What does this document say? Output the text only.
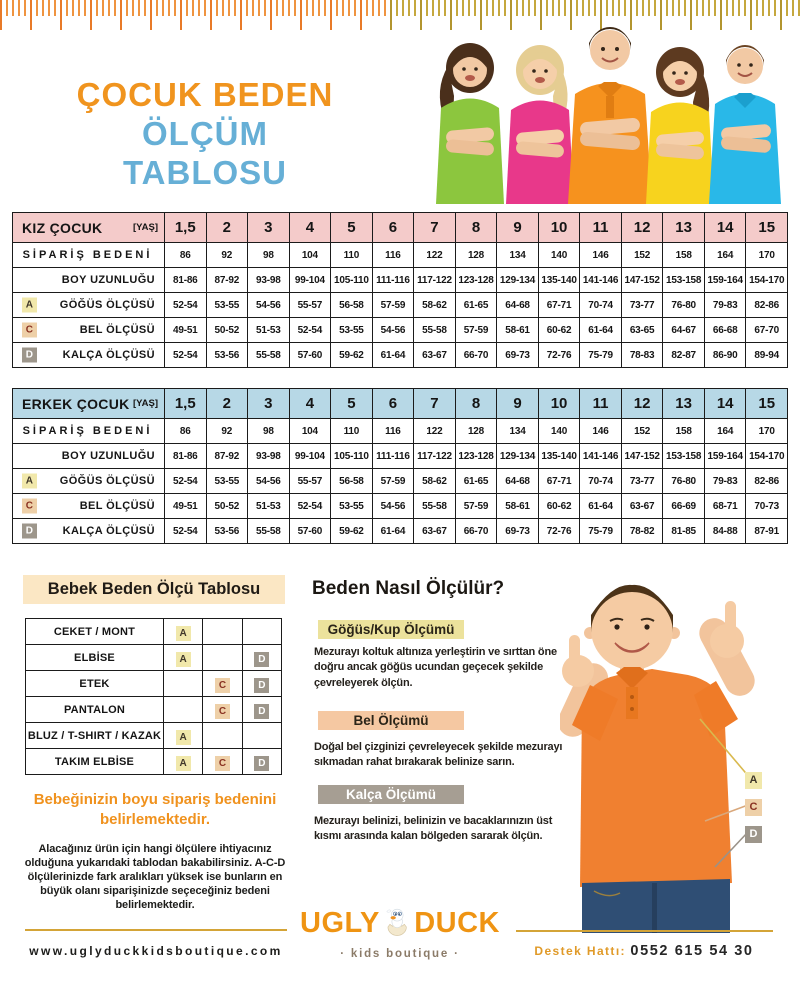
ÇOCUK BEDEN
ÖLÇÜM TABLOSU
KIZ ÇOCUK [YAŞ]	1,5	2	3	4	5	6	7	8	9	10	11	12	13	14	15
SİPARİŞ BEDENİ	86	92	98	104	110	116	122	128	134	140	146	152	158	164	170
BOY UZUNLUĞU	81-86	87-92	93-98	99-104	105-110	111-116	117-122	123-128	129-134	135-140	141-146	147-152	153-158	159-164	154-170

A GÖĞÜS ÖLÇÜSÜ	52-54	53-55	54-56	55-57	56-58	57-59	58-62	61-65	64-68	67-71	70-74	73-77	76-80	79-83	82-86

C BEL ÖLÇÜSÜ	49-51	50-52	51-53	52-54	53-55	54-56	55-58	57-59	58-61	60-62	61-64	63-65	64-67	66-68	67-70

D KALÇA ÖLÇÜSÜ	52-54	53-56	55-58	57-60	59-62	61-64	63-67	66-70	69-73	72-76	75-79	78-83	82-87	86-90	89-94
ERKEK ÇOCUK [YAŞ]	1,5	2	3	4	5	6	7	8	9	10	11	12	13	14	15
SİPARİŞ BEDENİ	86	92	98	104	110	116	122	128	134	140	146	152	158	164	170
BOY UZUNLUĞU	81-86	87-92	93-98	99-104	105-110	111-116	117-122	123-128	129-134	135-140	141-146	147-152	153-158	159-164	154-170

A GÖĞÜS ÖLÇÜSÜ	52-54	53-55	54-56	55-57	56-58	57-59	58-62	61-65	64-68	67-71	70-74	73-77	76-80	79-83	82-86

C BEL ÖLÇÜSÜ	49-51	50-52	51-53	52-54	53-55	54-56	55-58	57-59	58-61	60-62	61-64	63-67	66-69	68-71	70-73

D KALÇA ÖLÇÜSÜ	52-54	53-56	55-58	57-60	59-62	61-64	63-67	66-70	69-73	72-76	75-79	78-82	81-85	84-88	87-91
Bebek Beden Ölçü Tablosu
CEKET / MONT	A		
ELBİSE	A		D
ETEK		C	D
PANTALON		C	D
BLUZ / T-SHIRT / KAZAK	A		
TAKIM ELBİSE	A	C	D
Beden Nasıl Ölçülür?
Göğüs/Kup Ölçümü
Mezurayı koltuk altınıza yerleştirin ve sırttan öne doğru ancak göğüs ucundan geçecek şekilde çevreleyerek ölçün.
Bel Ölçümü
Doğal bel çizginizi çevreleyecek şekilde mezurayı sıkmadan rahat bırakarak belinize sarın.
Kalça Ölçümü
Mezurayı belinizi, belinizin ve bacaklarınızın üst kısmı arasında kalan bölgeden sararak ölçün.
Bebeğinizin boyu sipariş bedenini belirlemektedir.
Alacağınız ürün için hangi ölçülere ihtiyacınız olduğuna yukarıdaki tablodan bakabilirsiniz. A-C-D ölçülerinizde fark aralıkları yüksek ise bunların en büyük olanı siparişinizde seçeceğiniz bedeni belirlemektedir.
A
C
D
www.uglyduckkidsboutique.com
UGLY DUCK
· kids boutique ·	Destek Hattı: 0552 615 54 30
